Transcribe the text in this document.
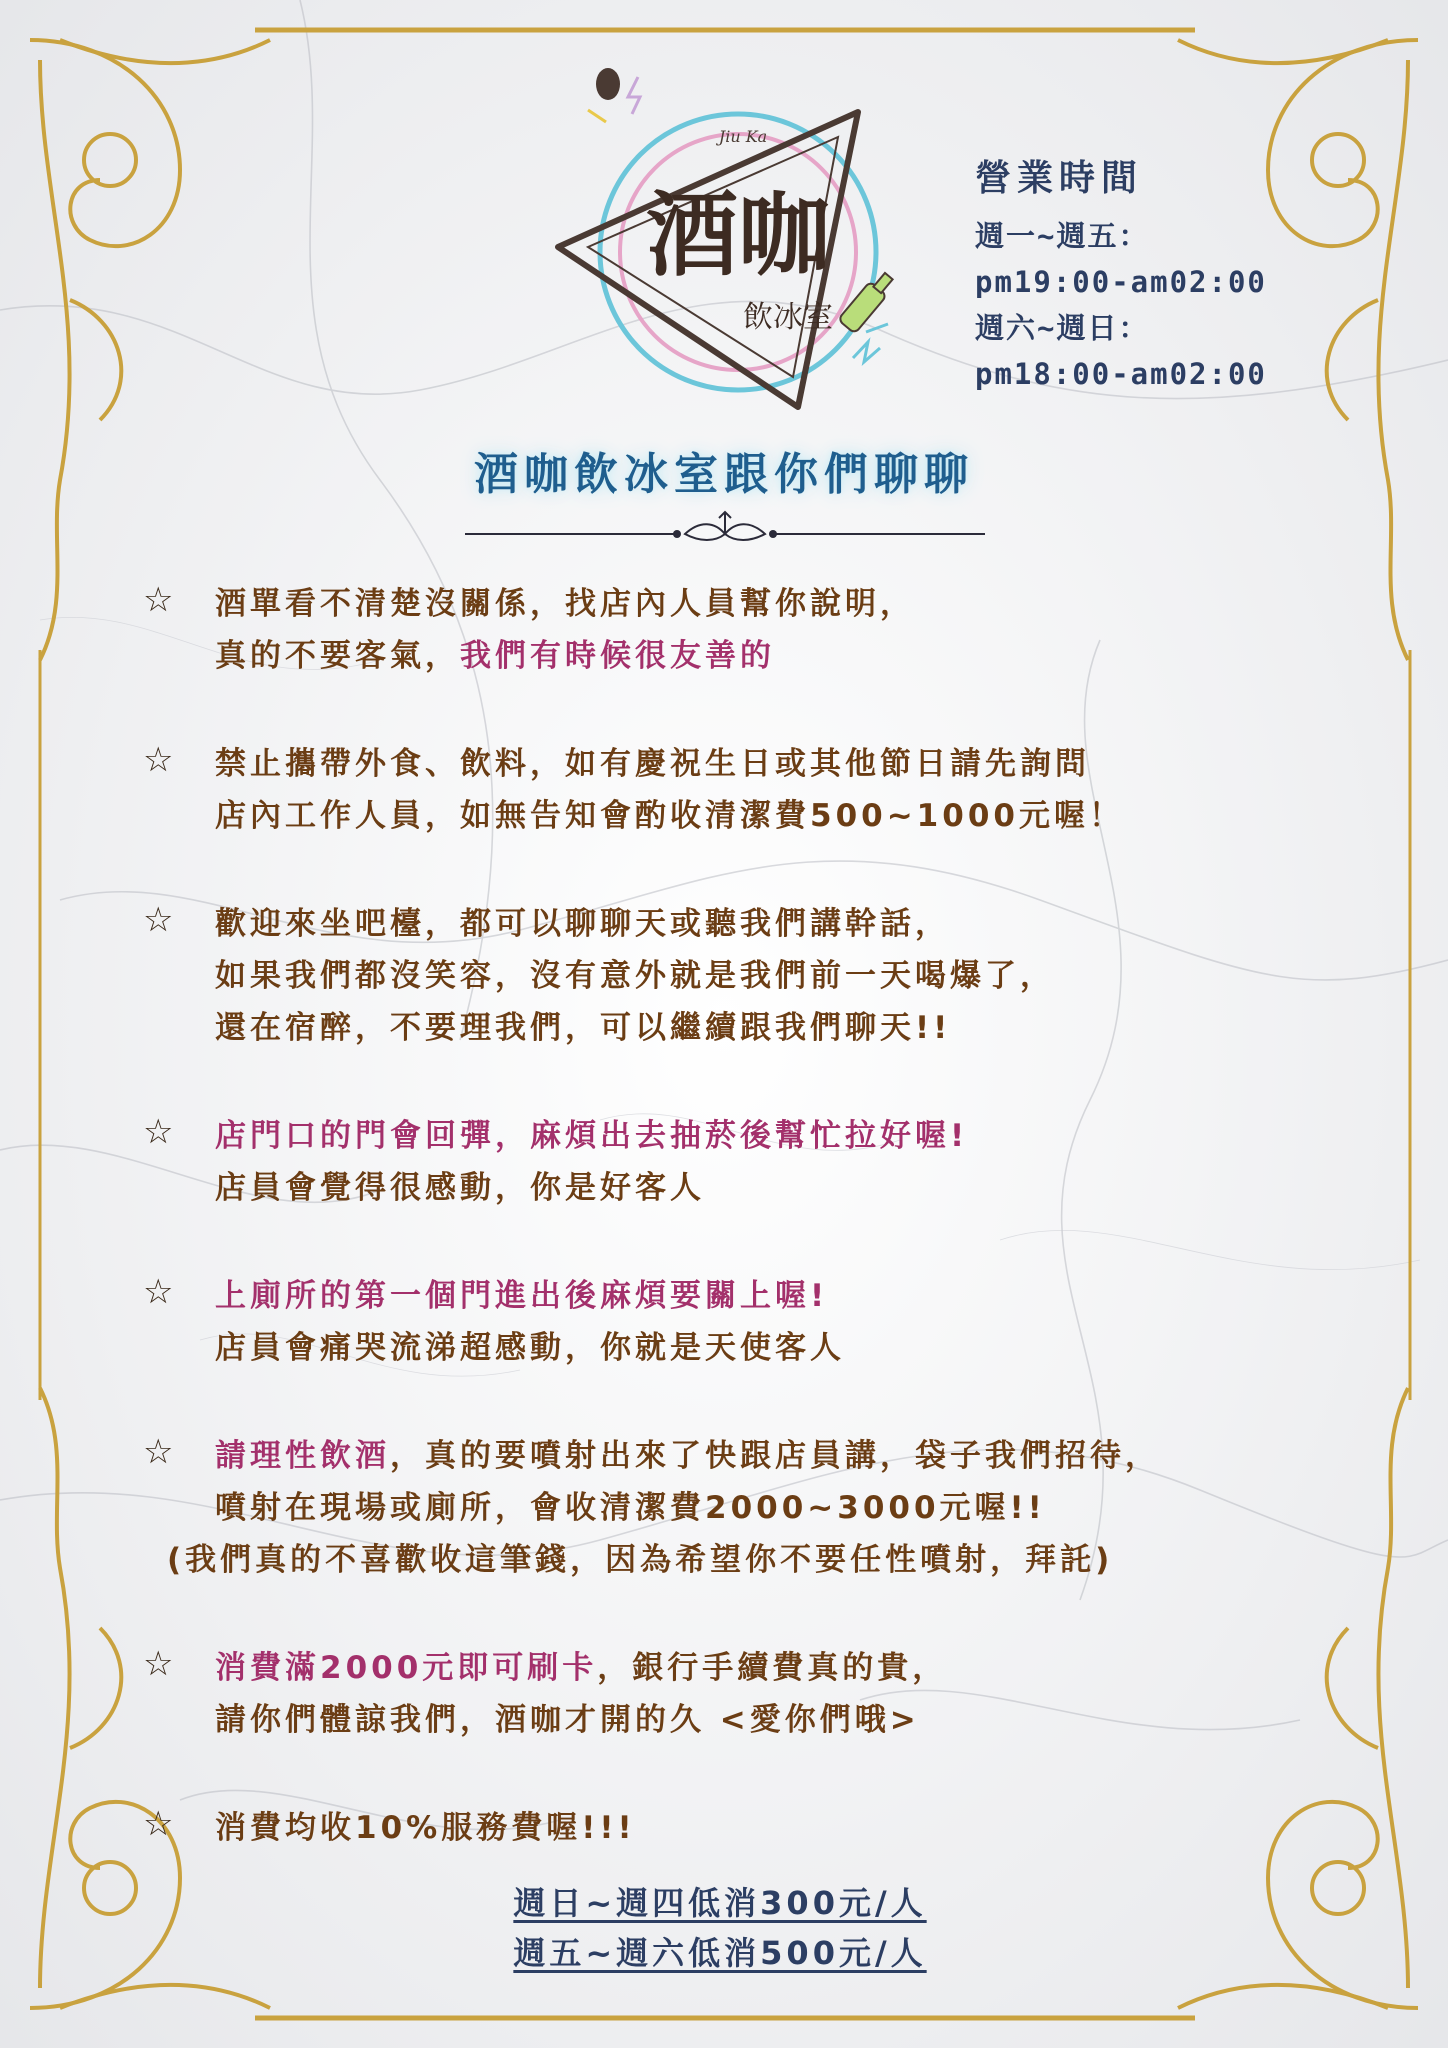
Jiu Ka
酒咖
飲冰室
營業時間
週一~週五：
pm19:00-am02:00
週六~週日：
pm18:00-am02:00
酒咖飲冰室跟你們聊聊
☆ 酒單看不清楚沒關係，找店內人員幫你說明，
真的不要客氣，我們有時候很友善的
☆ 禁止攜帶外食、飲料，如有慶祝生日或其他節日請先詢問
店內工作人員，如無告知會酌收清潔費500~1000元喔！
☆ 歡迎來坐吧檯，都可以聊聊天或聽我們講幹話，
如果我們都沒笑容，沒有意外就是我們前一天喝爆了，
還在宿醉，不要理我們，可以繼續跟我們聊天!!
☆ 店門口的門會回彈，麻煩出去抽菸後幫忙拉好喔!
店員會覺得很感動，你是好客人
☆ 上廁所的第一個門進出後麻煩要關上喔!
店員會痛哭流涕超感動，你就是天使客人
☆ 請理性飲酒，真的要噴射出來了快跟店員講，袋子我們招待，
噴射在現場或廁所，會收清潔費2000~3000元喔!!
(我們真的不喜歡收這筆錢，因為希望你不要任性噴射，拜託)
☆ 消費滿2000元即可刷卡，銀行手續費真的貴，
請你們體諒我們，酒咖才開的久 <愛你們哦>
☆ 消費均收10%服務費喔!!!
週日~週四低消300元/人
週五~週六低消500元/人
